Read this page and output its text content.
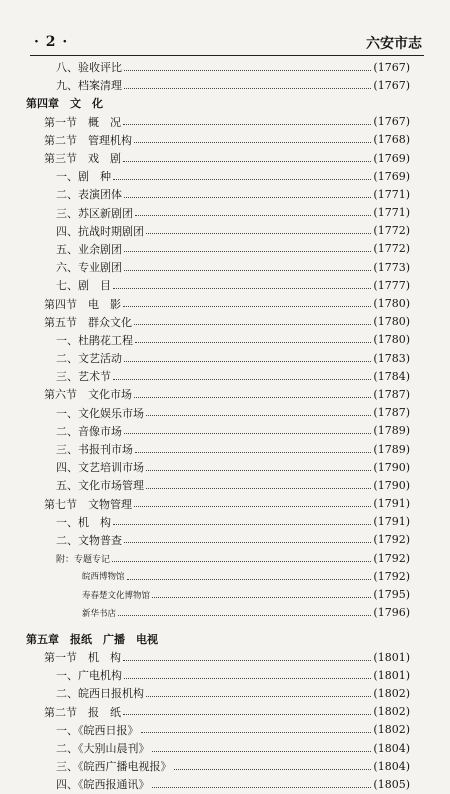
· 2 ·	六安市志
八、验收评比	(1767)
九、档案清理	(1767)
第四章　文　化
第一节　概　况	(1767)
第二节　管理机构	(1768)
第三节　戏　剧	(1769)
一、剧　种	(1769)
二、表演团体	(1771)
三、苏区新剧团	(1771)
四、抗战时期剧团	(1772)
五、业余剧团	(1772)
六、专业剧团	(1773)
七、剧　目	(1777)
第四节　电　影	(1780)
第五节　群众文化	(1780)
一、杜鹃花工程	(1780)
二、文艺活动	(1783)
三、艺术节	(1784)
第六节　文化市场	(1787)
一、文化娱乐市场	(1787)
二、音像市场	(1789)
三、书报刊市场	(1789)
四、文艺培训市场	(1790)
五、文化市场管理	(1790)
第七节　文物管理	(1791)
一、机　构	(1791)
二、文物普查	(1792)
附：专题专记	(1792)
皖西博物馆	(1792)
寿春楚文化博物馆	(1795)
新华书店	(1796)
第五章　报纸　广播　电视
第一节　机　构	(1801)
一、广电机构	(1801)
二、皖西日报机构	(1802)
第二节　报　纸	(1802)
一、《皖西日报》	(1802)
二、《大别山晨刊》	(1804)
三、《皖西广播电视报》	(1804)
四、《皖西报通讯》	(1805)
